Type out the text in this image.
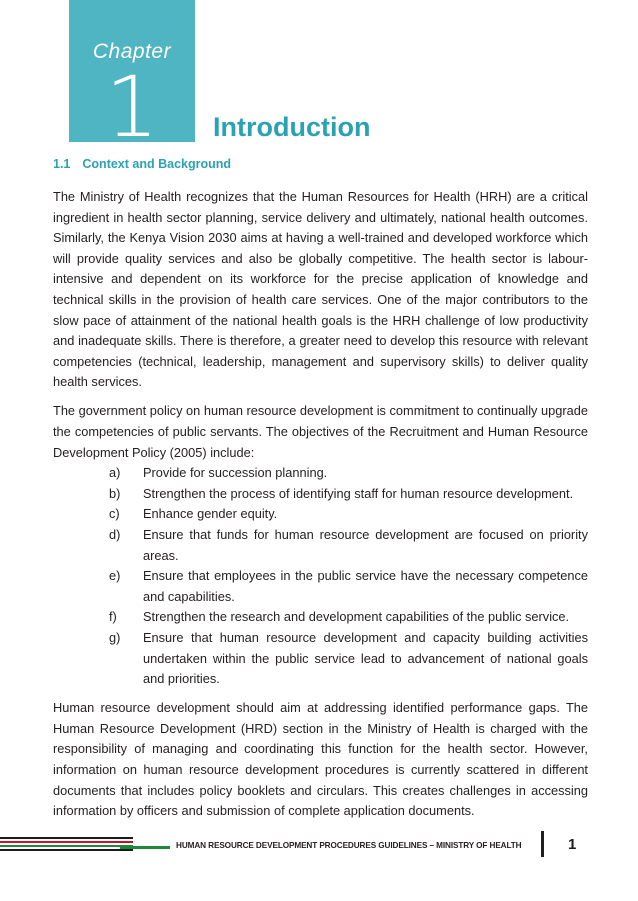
Chapter
1	Introduction
1.1 Context and Background

The Ministry of Health recognizes that the Human Resources for Health (HRH) are a critical ingredient in health sector planning, service delivery and ultimately, national health outcomes. Similarly, the Kenya Vision 2030 aims at having a well-trained and developed workforce which will provide quality services and also be globally competitive. The health sector is labour-intensive and dependent on its workforce for the precise application of knowledge and technical skills in the provision of health care services. One of the major contributors to the slow pace of attainment of the national health goals is the HRH challenge of low productivity and inadequate skills. There is therefore, a greater need to develop this resource with relevant competencies (technical, leadership, management and supervisory skills) to deliver quality health services.

The government policy on human resource development is commitment to continually upgrade the competencies of public servants. The objectives of the Recruitment and Human Resource Development Policy (2005) include:

a) Provide for succession planning.
b) Strengthen the process of identifying staff for human resource development.
c) Enhance gender equity.
d) Ensure that funds for human resource development are focused on priority areas.
e) Ensure that employees in the public service have the necessary competence and capabilities.
f) Strengthen the research and development capabilities of the public service.
g) Ensure that human resource development and capacity building activities undertaken within the public service lead to advancement of national goals and priorities.

Human resource development should aim at addressing identified performance gaps. The Human Resource Development (HRD) section in the Ministry of Health is charged with the responsibility of managing and coordinating this function for the health sector. However, information on human resource development procedures is currently scattered in different documents that includes policy booklets and circulars. This creates challenges in accessing information by officers and submission of complete application documents.

HUMAN RESOURCE DEVELOPMENT PROCEDURES GUIDELINES – MINISTRY OF HEALTH	1
